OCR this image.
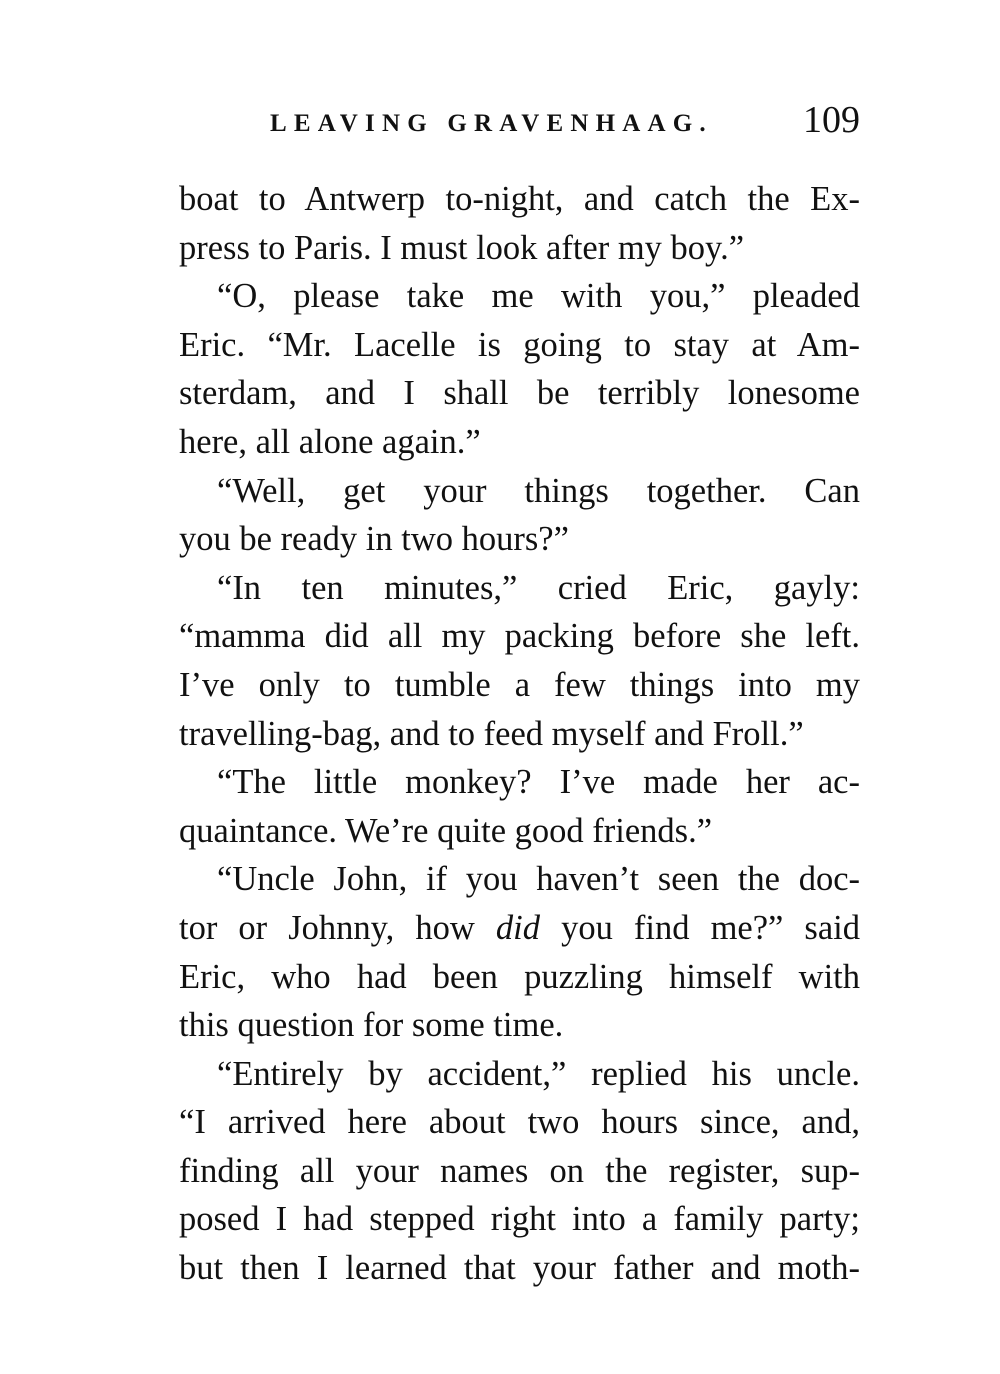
LEAVING GRAVENHAAG. 109
boat to Antwerp to-night, and catch the Ex-
press to Paris. I must look after my boy.”
“O, please take me with you,” pleaded
Eric. “Mr. Lacelle is going to stay at Am-
sterdam, and I shall be terribly lonesome
here, all alone again.”
“Well, get your things together. Can
you be ready in two hours?”
“In ten minutes,” cried Eric, gayly:
“mamma did all my packing before she left.
I’ve only to tumble a few things into my
travelling-bag, and to feed myself and Froll.”
“The little monkey? I’ve made her ac-
quaintance. We’re quite good friends.”
“Uncle John, if you haven’t seen the doc-
tor or Johnny, how did you find me?” said
Eric, who had been puzzling himself with
this question for some time.
“Entirely by accident,” replied his uncle.
“I arrived here about two hours since, and,
finding all your names on the register, sup-
posed I had stepped right into a family party;
but then I learned that your father and moth-
